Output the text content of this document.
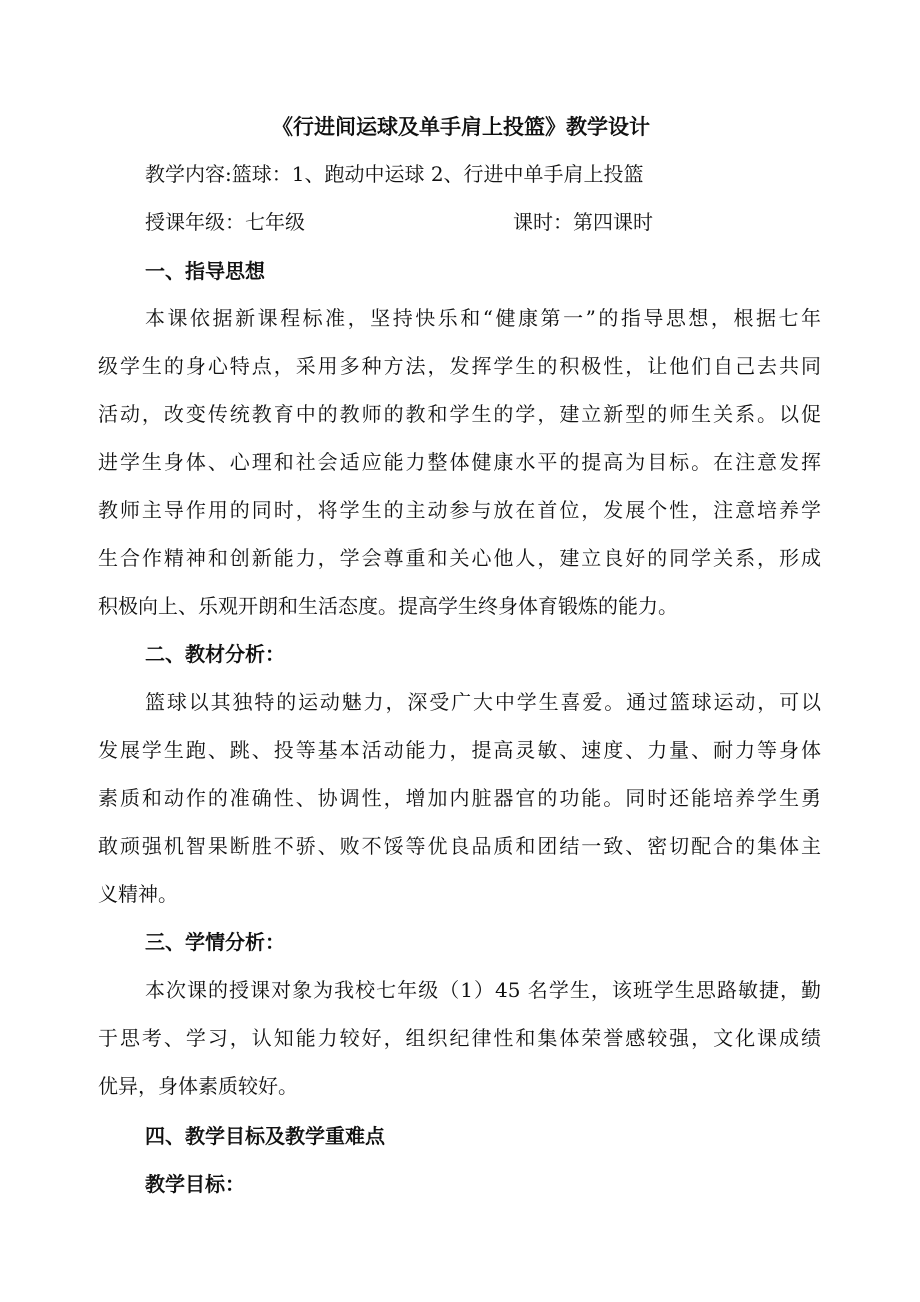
《行进间运球及单手肩上投篮》教学设计
教学内容:篮球：1、跑动中运球 2、行进中单手肩上投篮
授课年级：七年级	课时：第四课时
一、指导思想
本课依据新课程标准，坚持快乐和“健康第一”的指导思想，根据七年
级学生的身心特点，采用多种方法，发挥学生的积极性，让他们自己去共同
活动，改变传统教育中的教师的教和学生的学，建立新型的师生关系。以促
进学生身体、心理和社会适应能力整体健康水平的提高为目标。在注意发挥
教师主导作用的同时，将学生的主动参与放在首位，发展个性，注意培养学
生合作精神和创新能力，学会尊重和关心他人，建立良好的同学关系，形成
积极向上、乐观开朗和生活态度。提高学生终身体育锻炼的能力。
二、教材分析：
篮球以其独特的运动魅力，深受广大中学生喜爱。通过篮球运动，可以
发展学生跑、跳、投等基本活动能力，提高灵敏、速度、力量、耐力等身体
素质和动作的准确性、协调性，增加内脏器官的功能。同时还能培养学生勇
敢顽强机智果断胜不骄、败不馁等优良品质和团结一致、密切配合的集体主
义精神。
三、学情分析：
本次课的授课对象为我校七年级（1）45 名学生，该班学生思路敏捷，勤
于思考、学习，认知能力较好，组织纪律性和集体荣誉感较强，文化课成绩
优异，身体素质较好。
四、教学目标及教学重难点
教学目标：
